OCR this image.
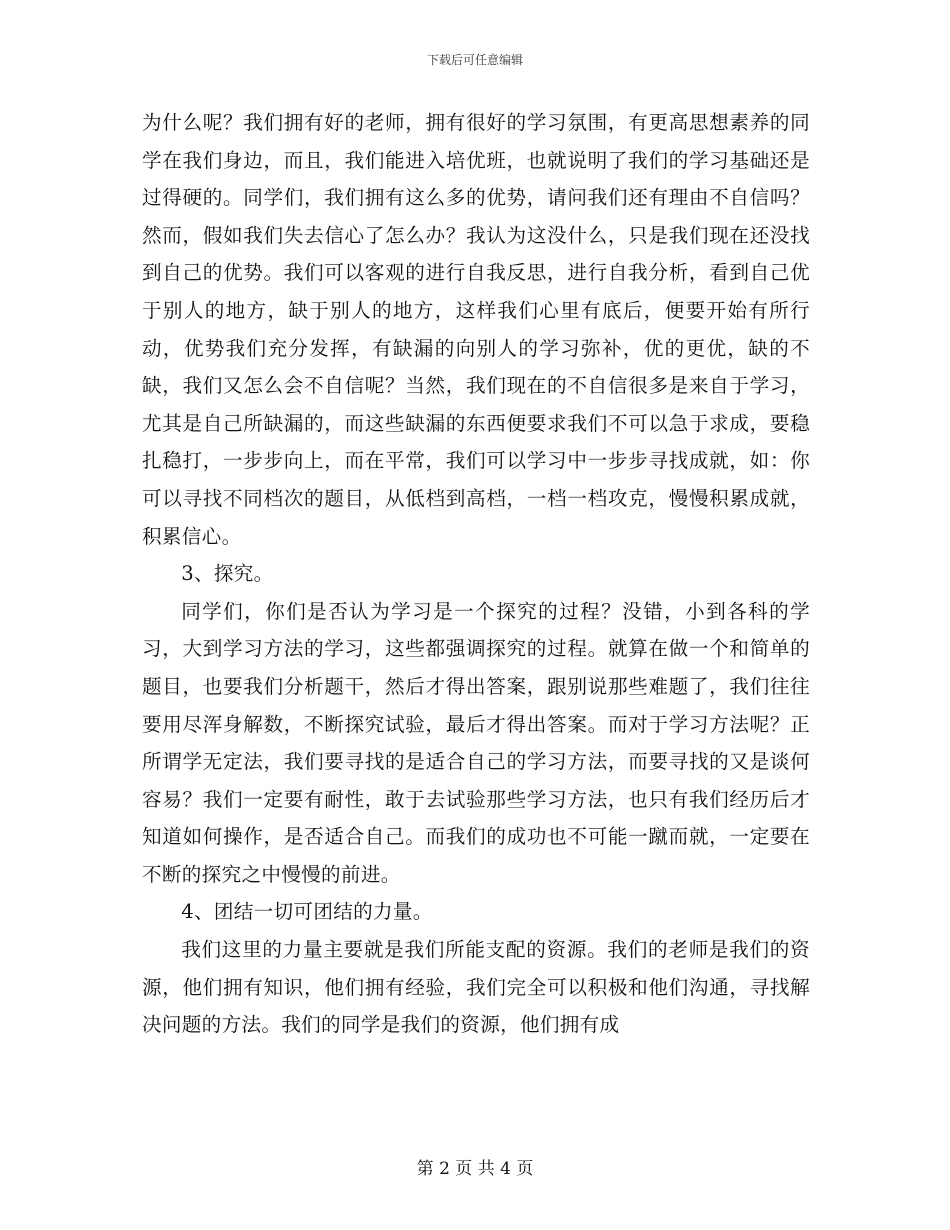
下载后可任意编辑

为什么呢？我们拥有好的老师，拥有很好的学习氛围，有更高思想素养的同学在我们身边，而且，我们能进入培优班，也就说明了我们的学习基础还是过得硬的。同学们，我们拥有这么多的优势，请问我们还有理由不自信吗？然而，假如我们失去信心了怎么办？我认为这没什么，只是我们现在还没找到自己的优势。我们可以客观的进行自我反思，进行自我分析，看到自己优于别人的地方，缺于别人的地方，这样我们心里有底后，便要开始有所行动，优势我们充分发挥，有缺漏的向别人的学习弥补，优的更优，缺的不缺，我们又怎么会不自信呢？当然，我们现在的不自信很多是来自于学习，尤其是自己所缺漏的，而这些缺漏的东西便要求我们不可以急于求成，要稳扎稳打，一步步向上，而在平常，我们可以学习中一步步寻找成就，如：你可以寻找不同档次的题目，从低档到高档，一档一档攻克，慢慢积累成就，积累信心。

3、探究。

同学们，你们是否认为学习是一个探究的过程？没错，小到各科的学习，大到学习方法的学习，这些都强调探究的过程。就算在做一个和简单的题目，也要我们分析题干，然后才得出答案，跟别说那些难题了，我们往往要用尽浑身解数，不断探究试验，最后才得出答案。而对于学习方法呢？正所谓学无定法，我们要寻找的是适合自己的学习方法，而要寻找的又是谈何容易？我们一定要有耐性，敢于去试验那些学习方法，也只有我们经历后才知道如何操作，是否适合自己。而我们的成功也不可能一蹴而就，一定要在不断的探究之中慢慢的前进。

4、团结一切可团结的力量。

我们这里的力量主要就是我们所能支配的资源。我们的老师是我们的资源，他们拥有知识，他们拥有经验，我们完全可以积极和他们沟通，寻找解决问题的方法。我们的同学是我们的资源，他们拥有成

第 2 页 共 4 页
